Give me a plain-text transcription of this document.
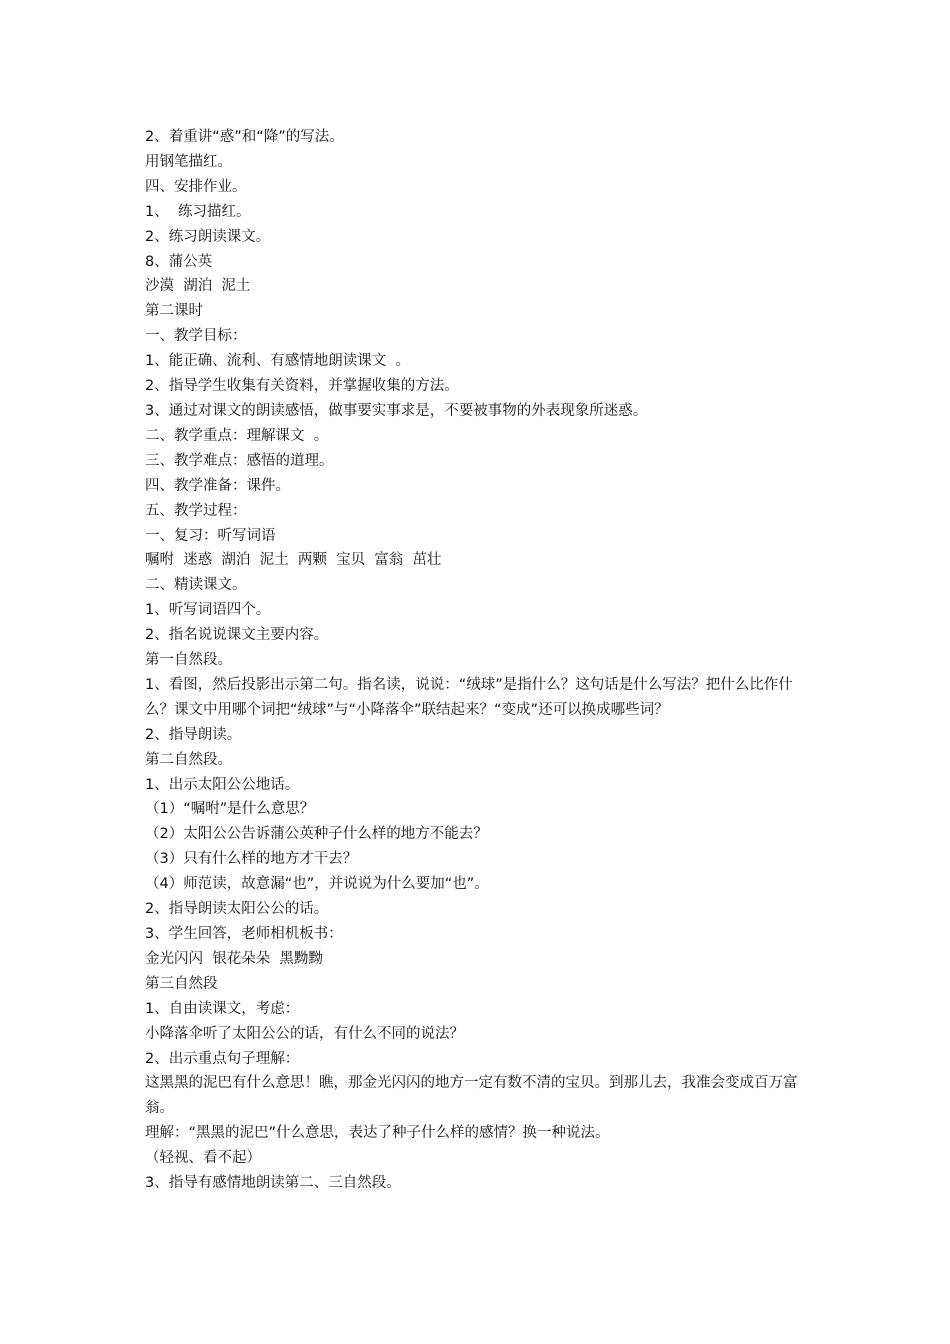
2、着重讲“惑”和“降”的写法。

用钢笔描红。

四、安排作业。

1、  练习描红。

2、练习朗读课文。

8、蒲公英

沙漠  湖泊  泥土

第二课时

一、教学目标：

1、能正确、流利、有感情地朗读课文  。

2、指导学生收集有关资料，并掌握收集的方法。

3、通过对课文的朗读感悟，做事要实事求是，不要被事物的外表现象所迷惑。

二、教学重点：理解课文  。

三、教学难点：感悟的道理。

四、教学准备：课件。

五、教学过程：

一、复习：听写词语

嘱咐  迷惑  湖泊  泥土  两颗  宝贝  富翁  茁壮

二、精读课文。

1、听写词语四个。

2、指名说说课文主要内容。

第一自然段。

1、看图，然后投影出示第二句。指名读，说说：“绒球”是指什么？这句话是什么写法？把什么比作什么？课文中用哪个词把“绒球”与“小降落伞”联结起来？“变成”还可以换成哪些词？

2、指导朗读。

第二自然段。

1、出示太阳公公地话。

（1）“嘱咐”是什么意思？

（2）太阳公公告诉蒲公英种子什么样的地方不能去？

（3）只有什么样的地方才干去？

（4）师范读，故意漏“也”，并说说为什么要加“也”。

2、指导朗读太阳公公的话。

3、学生回答，老师相机板书：

金光闪闪  银花朵朵  黑黝黝

第三自然段

1、自由读课文，考虑：

小降落伞听了太阳公公的话，有什么不同的说法？

2、出示重点句子理解：

这黑黑的泥巴有什么意思！瞧，那金光闪闪的地方一定有数不清的宝贝。到那儿去，我准会变成百万富翁。

理解：“黑黑的泥巴”什么意思，表达了种子什么样的感情？换一种说法。

（轻视、看不起）

3、指导有感情地朗读第二、三自然段。
